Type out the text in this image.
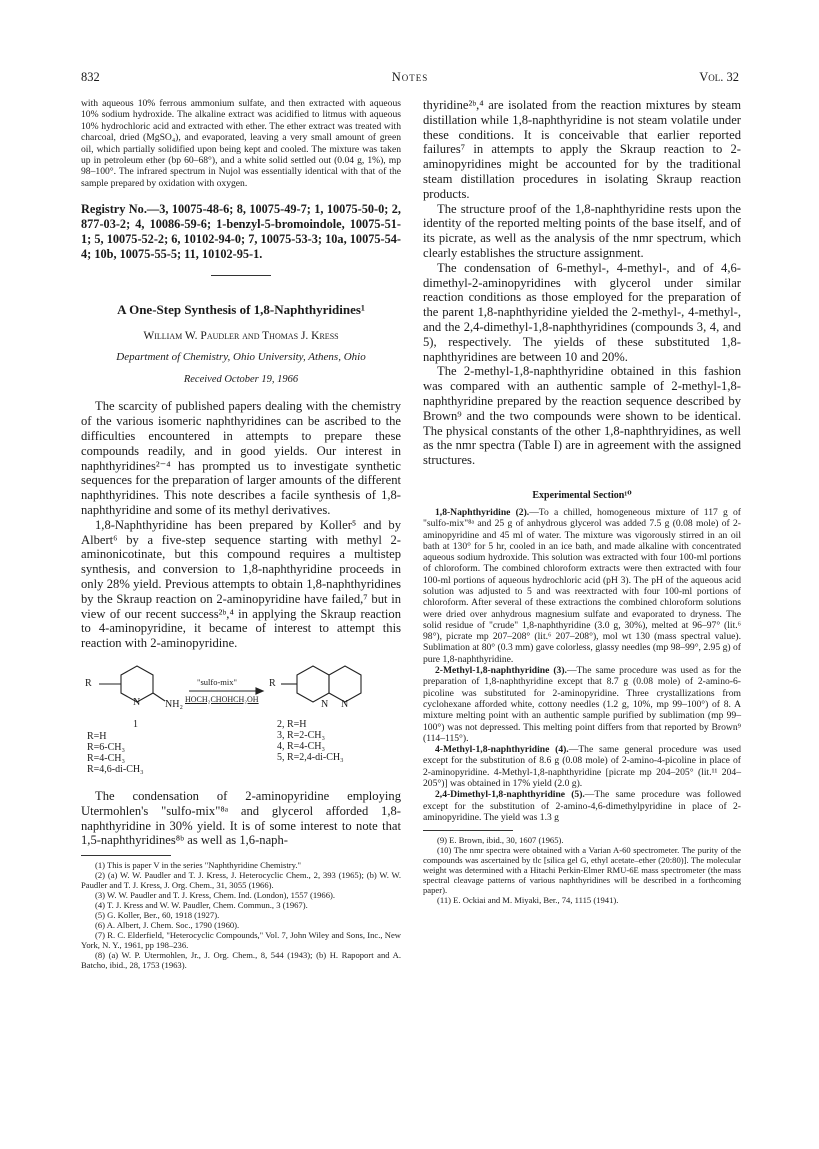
832	Notes	Vol. 32

with aqueous 10% ferrous ammonium sulfate, and then extracted with aqueous 10% sodium hydroxide. The alkaline extract was acidified to litmus with aqueous 10% hydrochloric acid and extracted with ether. The ether extract was treated with charcoal, dried (MgSO₄), and evaporated, leaving a very small amount of green oil, which partially solidified upon being kept and cooled. The mixture was taken up in petroleum ether (bp 60–68°), and a white solid settled out (0.04 g, 1%), mp 98–100°. The infrared spectrum in Nujol was essentially identical with that of the sample prepared by oxidation with oxygen.

Registry No.—3, 10075-48-6; 8, 10075-49-7; 1, 10075-50-0; 2, 877-03-2; 4, 10086-59-6; 1-benzyl-5-bromoindole, 10075-51-1; 5, 10075-52-2; 6, 10102-94-0; 7, 10075-53-3; 10a, 10075-54-4; 10b, 10075-55-5; 11, 10102-95-1.

A One-Step Synthesis of 1,8-Naphthyridines¹
William W. Paudler and Thomas J. Kress
Department of Chemistry, Ohio University, Athens, Ohio
Received October 19, 1966

The scarcity of published papers dealing with the chemistry of the various isomeric naphthyridines can be ascribed to the difficulties encountered in attempts to prepare these compounds readily, and in good yields. Our interest in naphthyridines²⁻⁴ has prompted us to investigate synthetic sequences for the preparation of larger amounts of the different naphthyridines. This note describes a facile synthesis of 1,8-naphthyridine and some of its methyl derivatives.

1,8-Naphthyridine has been prepared by Koller⁵ and by Albert⁶ by a five-step sequence starting with methyl 2-aminonicotinate, but this compound requires a multistep synthesis, and conversion to 1,8-naphthyridine proceeds in only 28% yield. Previous attempts to obtain 1,8-naphthyridines by the Skraup reaction on 2-aminopyridine have failed,⁷ but in view of our recent success²ᵇ,⁴ in applying the Skraup reaction to 4-aminopyridine, it became of interest to attempt this reaction with 2-aminopyridine.

R
N NH₂
"sulfo-mix"
HOCH₂CHOHCH₂OH
R
N N
1
R=H
R=6-CH₃
R=4-CH₃
R=4,6-di-CH₃
2, R=H
3, R=2-CH₃
4, R=4-CH₃
5, R=2,4-di-CH₃

The condensation of 2-aminopyridine employing Utermohlen's "sulfo-mix"⁸ᵃ and glycerol afforded 1,8-naphthyridine in 30% yield. It is of some interest to note that 1,5-naphthyridines⁸ᵇ as well as 1,6-naph-

(1) This is paper V in the series "Naphthyridine Chemistry."

(2) (a) W. W. Paudler and T. J. Kress, J. Heterocyclic Chem., 2, 393 (1965); (b) W. W. Paudler and T. J. Kress, J. Org. Chem., 31, 3055 (1966).

(3) W. W. Paudler and T. J. Kress, Chem. Ind. (London), 1557 (1966).

(4) T. J. Kress and W. W. Paudler, Chem. Commun., 3 (1967).

(5) G. Koller, Ber., 60, 1918 (1927).

(6) A. Albert, J. Chem. Soc., 1790 (1960).

(7) R. C. Elderfield, "Heterocyclic Compounds," Vol. 7, John Wiley and Sons, Inc., New York, N. Y., 1961, pp 198–236.

(8) (a) W. P. Utermohlen, Jr., J. Org. Chem., 8, 544 (1943); (b) H. Rapoport and A. Batcho, ibid., 28, 1753 (1963).

thyridine²ᵇ,⁴ are isolated from the reaction mixtures by steam distillation while 1,8-naphthyridine is not steam volatile under these conditions. It is conceivable that earlier reported failures⁷ in attempts to apply the Skraup reaction to 2-aminopyridines might be accounted for by the traditional steam distillation procedures in isolating Skraup reaction products.

The structure proof of the 1,8-naphthyridine rests upon the identity of the reported melting points of the base itself, and of its picrate, as well as the analysis of the nmr spectrum, which clearly establishes the structure assignment.

The condensation of 6-methyl-, 4-methyl-, and of 4,6-dimethyl-2-aminopyridines with glycerol under similar reaction conditions as those employed for the preparation of the parent 1,8-naphthyridine yielded the 2-methyl-, 4-methyl-, and the 2,4-dimethyl-1,8-naphthyridines (compounds 3, 4, and 5), respectively. The yields of these substituted 1,8-naphthyridines are between 10 and 20%.

The 2-methyl-1,8-naphthyridine obtained in this fashion was compared with an authentic sample of 2-methyl-1,8-naphthyridine prepared by the reaction sequence described by Brown⁹ and the two compounds were shown to be identical. The physical constants of the other 1,8-naphthryidines, as well as the nmr spectra (Table I) are in agreement with the assigned structures.

Experimental Section¹⁰

1,8-Naphthyridine (2).—To a chilled, homogeneous mixture of 117 g of "sulfo-mix"⁸ᵃ and 25 g of anhydrous glycerol was added 7.5 g (0.08 mole) of 2-aminopyridine and 45 ml of water. The mixture was vigorously stirred in an oil bath at 130° for 5 hr, cooled in an ice bath, and made alkaline with concentrated aqueous sodium hydroxide. This solution was extracted with four 100-ml portions of chloroform. The combined chloroform extracts were then extracted with four 100-ml portions of aqueous hydrochloric acid (pH 3). The pH of the aqueous acid solution was adjusted to 5 and was reextracted with four 100-ml portions of chloroform. After several of these extractions the combined chloroform solutions were dried over anhydrous magnesium sulfate and evaporated to dryness. The solid residue of "crude" 1,8-naphthyridine (3.0 g, 30%), melted at 96–97° (lit.⁶ 98°), picrate mp 207–208° (lit.⁶ 207–208°), mol wt 130 (mass spectral value). Sublimation at 80° (0.3 mm) gave colorless, glassy needles (mp 98–99°, 2.95 g) of pure 1,8-naphthyridine.

2-Methyl-1,8-naphthyridine (3).—The same procedure was used as for the preparation of 1,8-naphthyridine except that 8.7 g (0.08 mole) of 2-amino-6-picoline was substituted for 2-aminopyridine. Three crystallizations from cyclohexane afforded white, cottony needles (1.2 g, 10%, mp 99–100°) of 8. A mixture melting point with an authentic sample purified by sublimation (mp 99–100°) was not depressed. This melting point differs from that reported by Brown⁹ (114–115°).

4-Methyl-1,8-naphthyridine (4).—The same general procedure was used except for the substitution of 8.6 g (0.08 mole) of 2-amino-4-picoline in place of 2-aminopyridine. 4-Methyl-1,8-naphthyridine [picrate mp 204–205° (lit.¹¹ 204–205°)] was obtained in 17% yield (2.0 g).

2,4-Dimethyl-1,8-naphthyridine (5).—The same procedure was followed except for the substitution of 2-amino-4,6-dimethylpyridine in place of 2-aminopyridine. The yield was 1.3 g

(9) E. Brown, ibid., 30, 1607 (1965).

(10) The nmr spectra were obtained with a Varian A-60 spectrometer. The purity of the compounds was ascertained by tlc [silica gel G, ethyl acetate–ether (20:80)]. The molecular weight was determined with a Hitachi Perkin-Elmer RMU-6E mass spectrometer (the mass spectral cleavage patterns of various naphthyridines will be described in a forthcoming paper).

(11) E. Ockiai and M. Miyaki, Ber., 74, 1115 (1941).
